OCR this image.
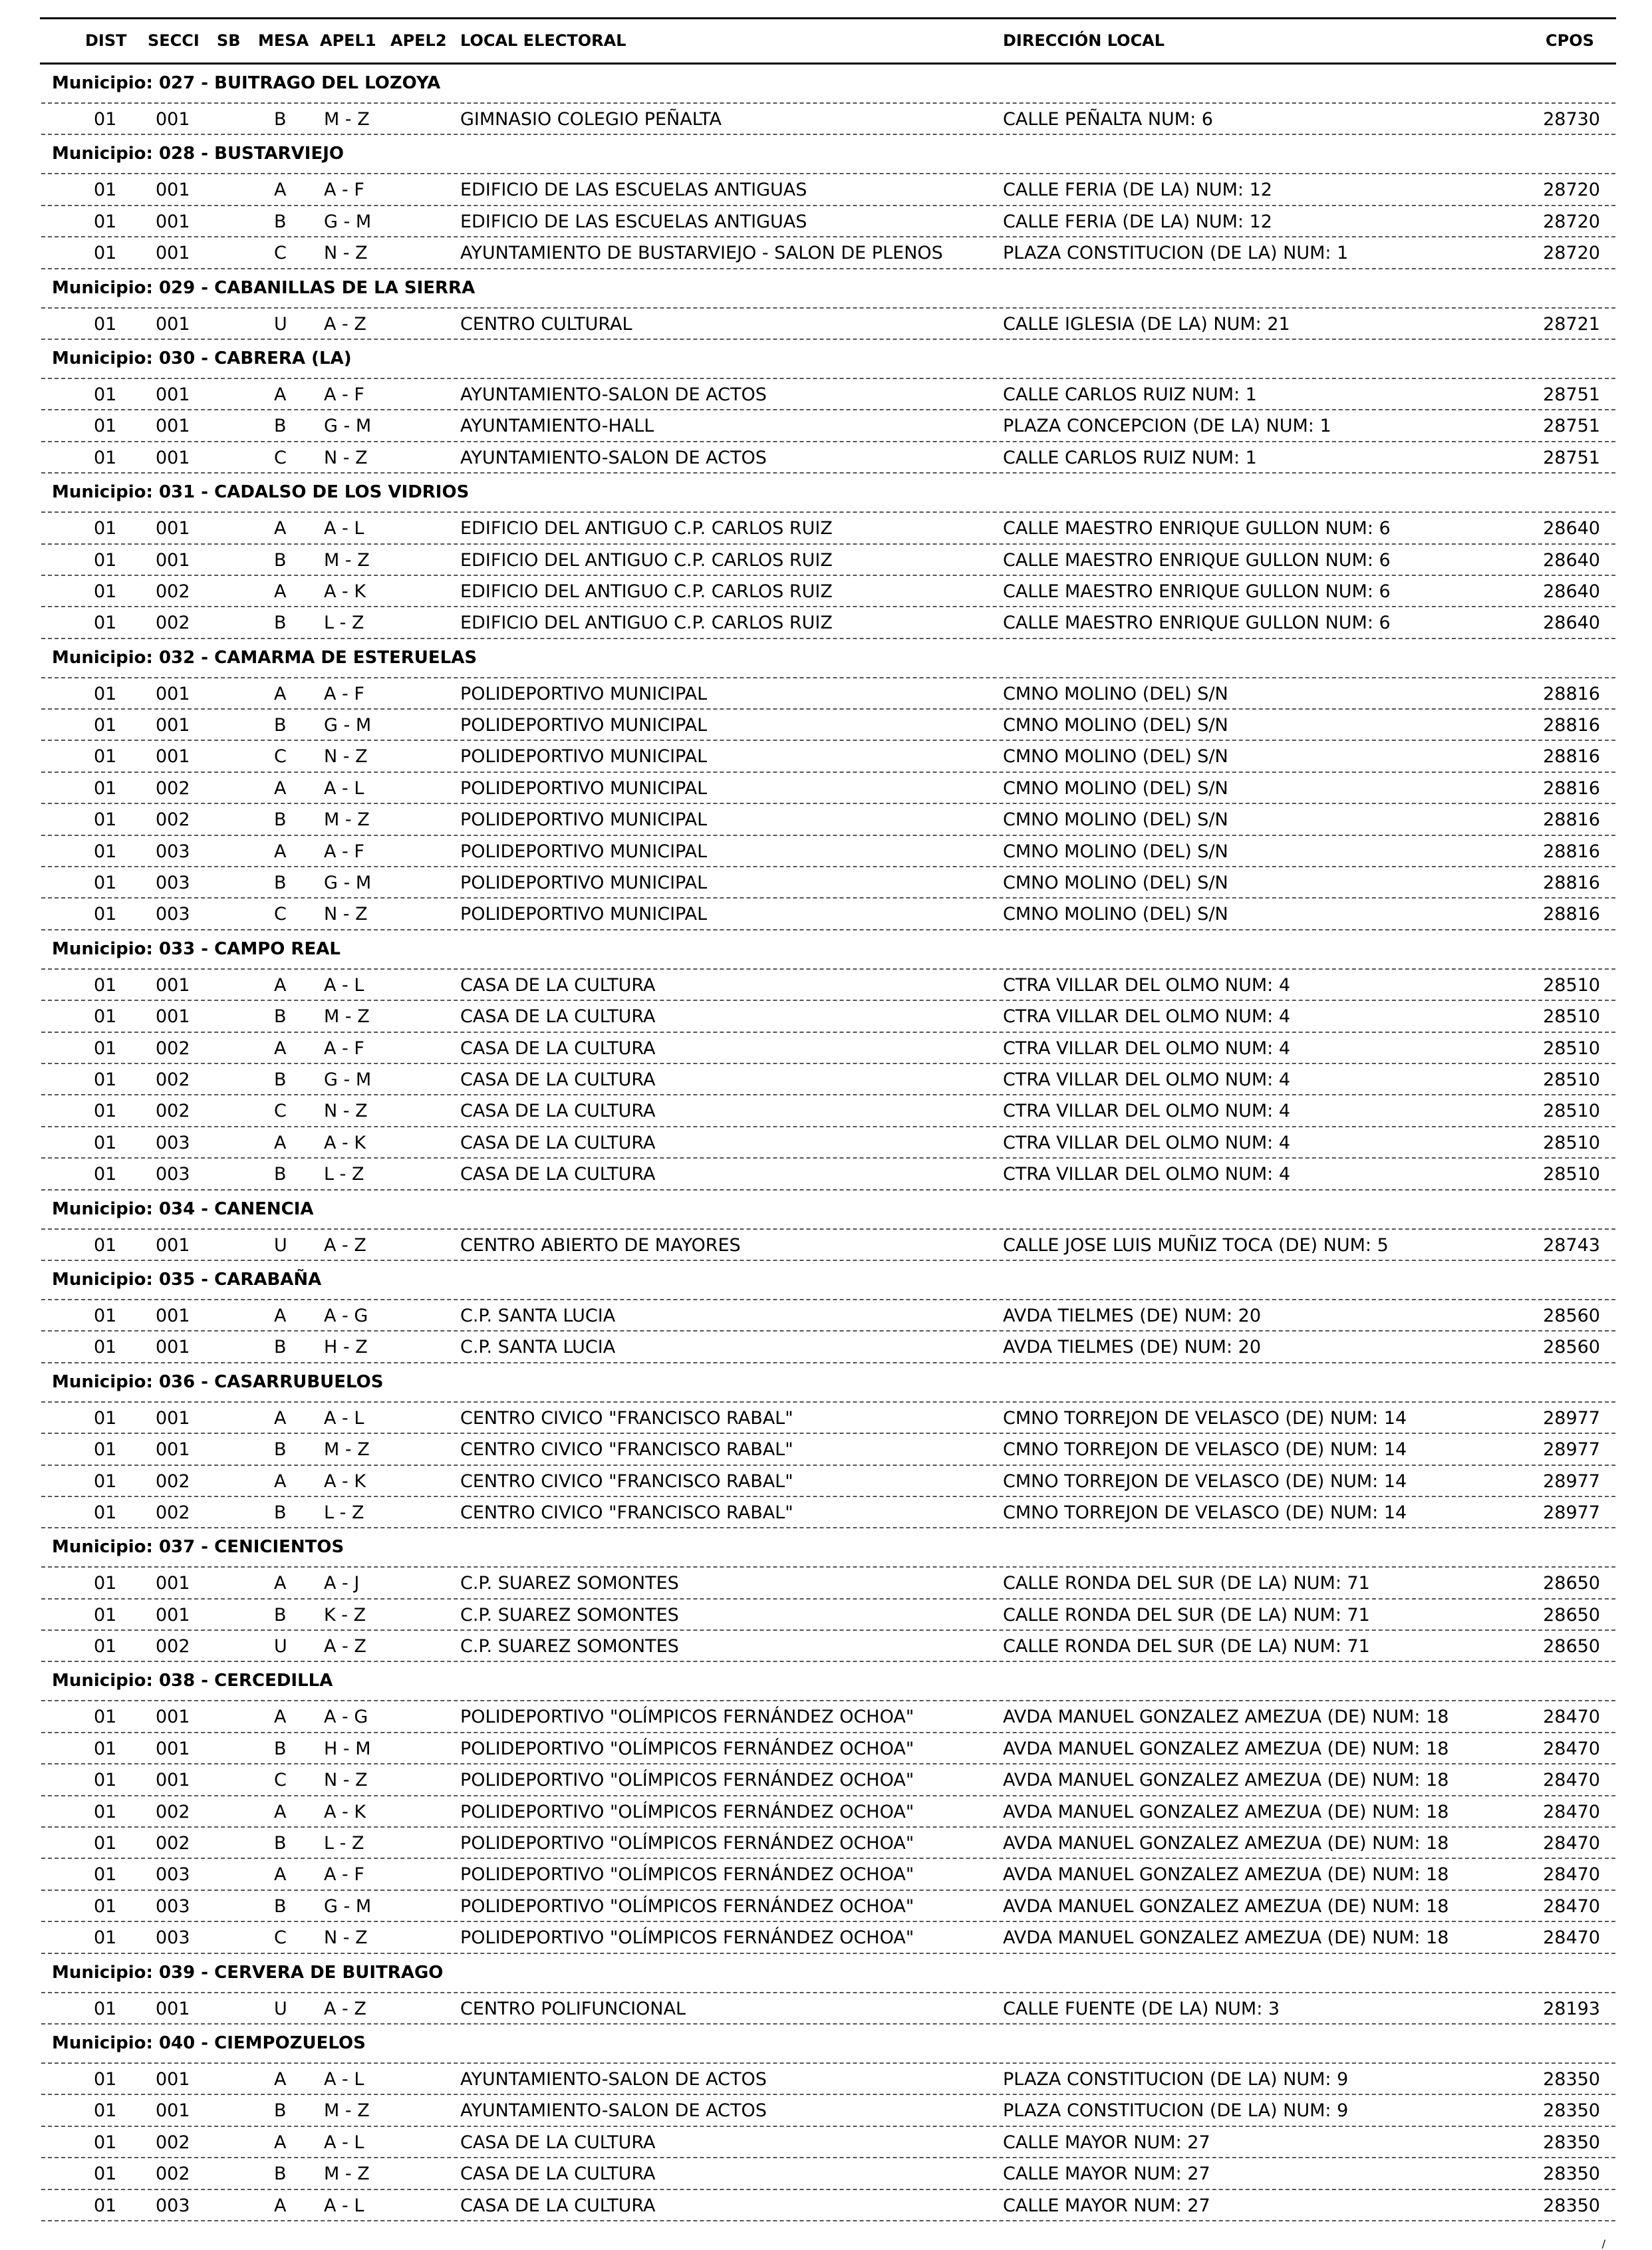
DIST SECCI SB MESA APEL1 APEL2 LOCAL ELECTORAL	DIRECCIÓN LOCAL	CPOS
Municipio: 027 - BUITRAGO DEL LOZOYA
01 001	B M - Z	GIMNASIO COLEGIO PEÑALTA	CALLE PEÑALTA NUM: 6	28730
Municipio: 028 - BUSTARVIEJO
01 001	A A - F	EDIFICIO DE LAS ESCUELAS ANTIGUAS	CALLE FERIA (DE LA) NUM: 12	28720
01 001	B G - M	EDIFICIO DE LAS ESCUELAS ANTIGUAS	CALLE FERIA (DE LA) NUM: 12	28720
01 001	C N - Z	AYUNTAMIENTO DE BUSTARVIEJO - SALON DE PLENOS	PLAZA CONSTITUCION (DE LA) NUM: 1	28720
Municipio: 029 - CABANILLAS DE LA SIERRA
01 001	U A - Z	CENTRO CULTURAL	CALLE IGLESIA (DE LA) NUM: 21	28721
Municipio: 030 - CABRERA (LA)
01 001	A A - F	AYUNTAMIENTO-SALON DE ACTOS	CALLE CARLOS RUIZ NUM: 1	28751
01 001	B G - M	AYUNTAMIENTO-HALL	PLAZA CONCEPCION (DE LA) NUM: 1	28751
01 001	C N - Z	AYUNTAMIENTO-SALON DE ACTOS	CALLE CARLOS RUIZ NUM: 1	28751
Municipio: 031 - CADALSO DE LOS VIDRIOS
01 001	A A - L	EDIFICIO DEL ANTIGUO C.P. CARLOS RUIZ	CALLE MAESTRO ENRIQUE GULLON NUM: 6	28640
01 001	B M - Z	EDIFICIO DEL ANTIGUO C.P. CARLOS RUIZ	CALLE MAESTRO ENRIQUE GULLON NUM: 6	28640
01 002	A A - K	EDIFICIO DEL ANTIGUO C.P. CARLOS RUIZ	CALLE MAESTRO ENRIQUE GULLON NUM: 6	28640
01 002	B L - Z	EDIFICIO DEL ANTIGUO C.P. CARLOS RUIZ	CALLE MAESTRO ENRIQUE GULLON NUM: 6	28640
Municipio: 032 - CAMARMA DE ESTERUELAS
01 001	A A - F	POLIDEPORTIVO MUNICIPAL	CMNO MOLINO (DEL) S/N	28816
01 001	B G - M	POLIDEPORTIVO MUNICIPAL	CMNO MOLINO (DEL) S/N	28816
01 001	C N - Z	POLIDEPORTIVO MUNICIPAL	CMNO MOLINO (DEL) S/N	28816
01 002	A A - L	POLIDEPORTIVO MUNICIPAL	CMNO MOLINO (DEL) S/N	28816
01 002	B M - Z	POLIDEPORTIVO MUNICIPAL	CMNO MOLINO (DEL) S/N	28816
01 003	A A - F	POLIDEPORTIVO MUNICIPAL	CMNO MOLINO (DEL) S/N	28816
01 003	B G - M	POLIDEPORTIVO MUNICIPAL	CMNO MOLINO (DEL) S/N	28816
01 003	C N - Z	POLIDEPORTIVO MUNICIPAL	CMNO MOLINO (DEL) S/N	28816
Municipio: 033 - CAMPO REAL
01 001	A A - L	CASA DE LA CULTURA	CTRA VILLAR DEL OLMO NUM: 4	28510
01 001	B M - Z	CASA DE LA CULTURA	CTRA VILLAR DEL OLMO NUM: 4	28510
01 002	A A - F	CASA DE LA CULTURA	CTRA VILLAR DEL OLMO NUM: 4	28510
01 002	B G - M	CASA DE LA CULTURA	CTRA VILLAR DEL OLMO NUM: 4	28510
01 002	C N - Z	CASA DE LA CULTURA	CTRA VILLAR DEL OLMO NUM: 4	28510
01 003	A A - K	CASA DE LA CULTURA	CTRA VILLAR DEL OLMO NUM: 4	28510
01 003	B L - Z	CASA DE LA CULTURA	CTRA VILLAR DEL OLMO NUM: 4	28510
Municipio: 034 - CANENCIA
01 001	U A - Z	CENTRO ABIERTO DE MAYORES	CALLE JOSE LUIS MUÑIZ TOCA (DE) NUM: 5	28743
Municipio: 035 - CARABAÑA
01 001	A A - G	C.P. SANTA LUCIA	AVDA TIELMES (DE) NUM: 20	28560
01 001	B H - Z	C.P. SANTA LUCIA	AVDA TIELMES (DE) NUM: 20	28560
Municipio: 036 - CASARRUBUELOS
01 001	A A - L	CENTRO CIVICO "FRANCISCO RABAL"	CMNO TORREJON DE VELASCO (DE) NUM: 14	28977
01 001	B M - Z	CENTRO CIVICO "FRANCISCO RABAL"	CMNO TORREJON DE VELASCO (DE) NUM: 14	28977
01 002	A A - K	CENTRO CIVICO "FRANCISCO RABAL"	CMNO TORREJON DE VELASCO (DE) NUM: 14	28977
01 002	B L - Z	CENTRO CIVICO "FRANCISCO RABAL"	CMNO TORREJON DE VELASCO (DE) NUM: 14	28977
Municipio: 037 - CENICIENTOS
01 001	A A - J	C.P. SUAREZ SOMONTES	CALLE RONDA DEL SUR (DE LA) NUM: 71	28650
01 001	B K - Z	C.P. SUAREZ SOMONTES	CALLE RONDA DEL SUR (DE LA) NUM: 71	28650
01 002	U A - Z	C.P. SUAREZ SOMONTES	CALLE RONDA DEL SUR (DE LA) NUM: 71	28650
Municipio: 038 - CERCEDILLA
01 001	A A - G	POLIDEPORTIVO "OLÍMPICOS FERNÁNDEZ OCHOA"	AVDA MANUEL GONZALEZ AMEZUA (DE) NUM: 18	28470
01 001	B H - M	POLIDEPORTIVO "OLÍMPICOS FERNÁNDEZ OCHOA"	AVDA MANUEL GONZALEZ AMEZUA (DE) NUM: 18	28470
01 001	C N - Z	POLIDEPORTIVO "OLÍMPICOS FERNÁNDEZ OCHOA"	AVDA MANUEL GONZALEZ AMEZUA (DE) NUM: 18	28470
01 002	A A - K	POLIDEPORTIVO "OLÍMPICOS FERNÁNDEZ OCHOA"	AVDA MANUEL GONZALEZ AMEZUA (DE) NUM: 18	28470
01 002	B L - Z	POLIDEPORTIVO "OLÍMPICOS FERNÁNDEZ OCHOA"	AVDA MANUEL GONZALEZ AMEZUA (DE) NUM: 18	28470
01 003	A A - F	POLIDEPORTIVO "OLÍMPICOS FERNÁNDEZ OCHOA"	AVDA MANUEL GONZALEZ AMEZUA (DE) NUM: 18	28470
01 003	B G - M	POLIDEPORTIVO "OLÍMPICOS FERNÁNDEZ OCHOA"	AVDA MANUEL GONZALEZ AMEZUA (DE) NUM: 18	28470
01 003	C N - Z	POLIDEPORTIVO "OLÍMPICOS FERNÁNDEZ OCHOA"	AVDA MANUEL GONZALEZ AMEZUA (DE) NUM: 18	28470
Municipio: 039 - CERVERA DE BUITRAGO
01 001	U A - Z	CENTRO POLIFUNCIONAL	CALLE FUENTE (DE LA) NUM: 3	28193
Municipio: 040 - CIEMPOZUELOS
01 001	A A - L	AYUNTAMIENTO-SALON DE ACTOS	PLAZA CONSTITUCION (DE LA) NUM: 9	28350
01 001	B M - Z	AYUNTAMIENTO-SALON DE ACTOS	PLAZA CONSTITUCION (DE LA) NUM: 9	28350
01 002	A A - L	CASA DE LA CULTURA	CALLE MAYOR NUM: 27	28350
01 002	B M - Z	CASA DE LA CULTURA	CALLE MAYOR NUM: 27	28350
01 003	A A - L	CASA DE LA CULTURA	CALLE MAYOR NUM: 27	28350
/
